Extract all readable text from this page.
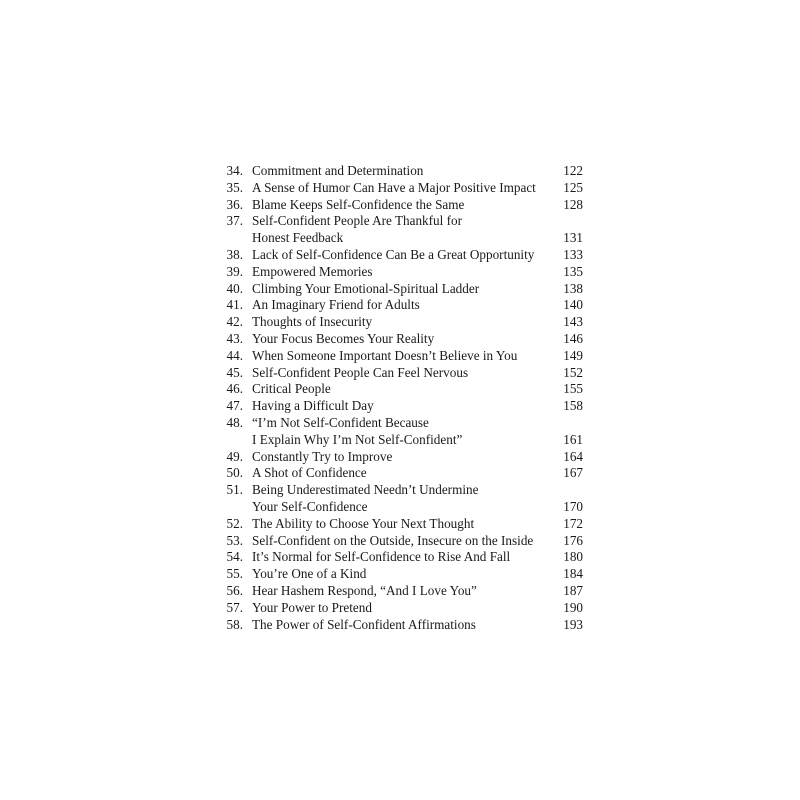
34. Commitment and Determination	122
35. A Sense of Humor Can Have a Major Positive Impact	125
36. Blame Keeps Self-Confidence the Same	128
37. Self-Confident People Are Thankful for
Honest Feedback	131
38. Lack of Self-Confidence Can Be a Great Opportunity	133
39. Empowered Memories	135
40. Climbing Your Emotional-Spiritual Ladder	138
41. An Imaginary Friend for Adults	140
42. Thoughts of Insecurity	143
43. Your Focus Becomes Your Reality	146
44. When Someone Important Doesn’t Believe in You	149
45. Self-Confident People Can Feel Nervous	152
46. Critical People	155
47. Having a Difficult Day	158
48. “I’m Not Self-Confident Because
I Explain Why I’m Not Self-Confident”	161
49. Constantly Try to Improve	164
50. A Shot of Confidence	167
51. Being Underestimated Needn’t Undermine
Your Self-Confidence	170
52. The Ability to Choose Your Next Thought	172
53. Self-Confident on the Outside, Insecure on the Inside	176
54. It’s Normal for Self-Confidence to Rise And Fall	180
55. You’re One of a Kind	184
56. Hear Hashem Respond, “And I Love You”	187
57. Your Power to Pretend	190
58. The Power of Self-Confident Affirmations	193
